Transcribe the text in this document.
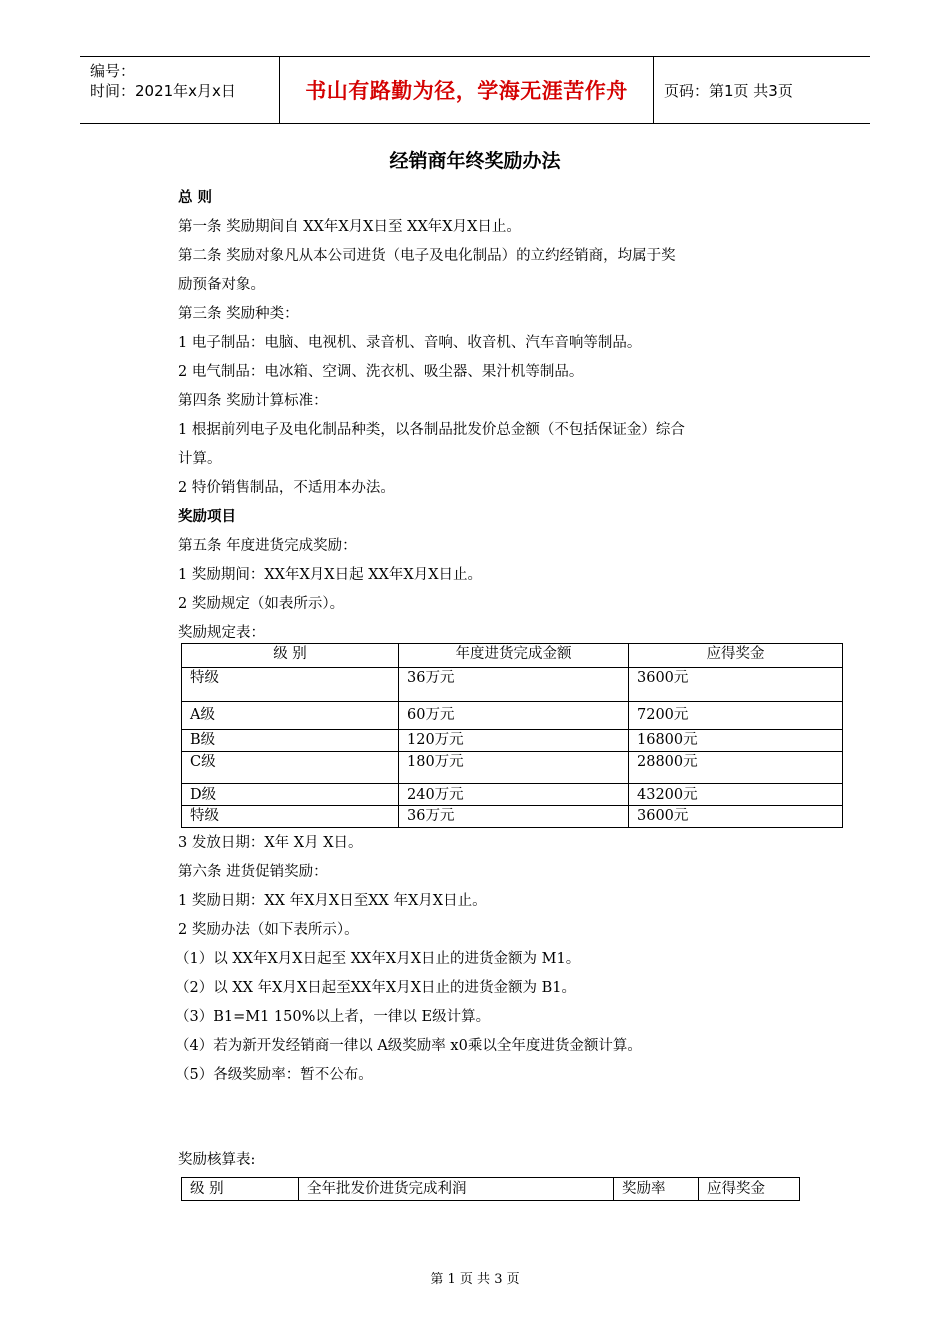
编号：
时间：2021年x月x日	书山有路勤为径，学海无涯苦作舟	页码：第1页 共3页
经销商年终奖励办法
总 则
第一条 奖励期间自 XX年X月X日至 XX年X月X日止。
第二条 奖励对象凡从本公司进货（电子及电化制品）的立约经销商，均属于奖
励预备对象。
第三条 奖励种类：
1 电子制品：电脑、电视机、录音机、音响、收音机、汽车音响等制品。
2 电气制品：电冰箱、空调、洗衣机、吸尘器、果汁机等制品。
第四条 奖励计算标准：
1 根据前列电子及电化制品种类，以各制品批发价总金额（不包括保证金）综合
计算。
2 特价销售制品，不适用本办法。
奖励项目
第五条 年度进货完成奖励：
1 奖励期间：XX年X月X日起 XX年X月X日止。
2 奖励规定（如表所示）。
奖励规定表：
级 别	年度进货完成金额	应得奖金
特级	36万元	3600元
A级	60万元	7200元
B级	120万元	16800元
C级	180万元	28800元
D级	240万元	43200元
特级	36万元	3600元
3 发放日期：X年 X月 X日。
第六条 进货促销奖励：
1 奖励日期：XX 年X月X日至XX 年X月X日止。
2 奖励办法（如下表所示）。
（1）以 XX年X月X日起至 XX年X月X日止的进货金额为 M1。
（2）以 XX 年X月X日起至XX年X月X日止的进货金额为 B1。
（3）B1=M1 150%以上者，一律以 E级计算。
（4）若为新开发经销商一律以 A级奖励率 x0乘以全年度进货金额计算。
（5）各级奖励率：暂不公布。
奖励核算表:
级 别	全年批发价进货完成利润	奖励率	应得奖金
第 1 页 共 3 页
